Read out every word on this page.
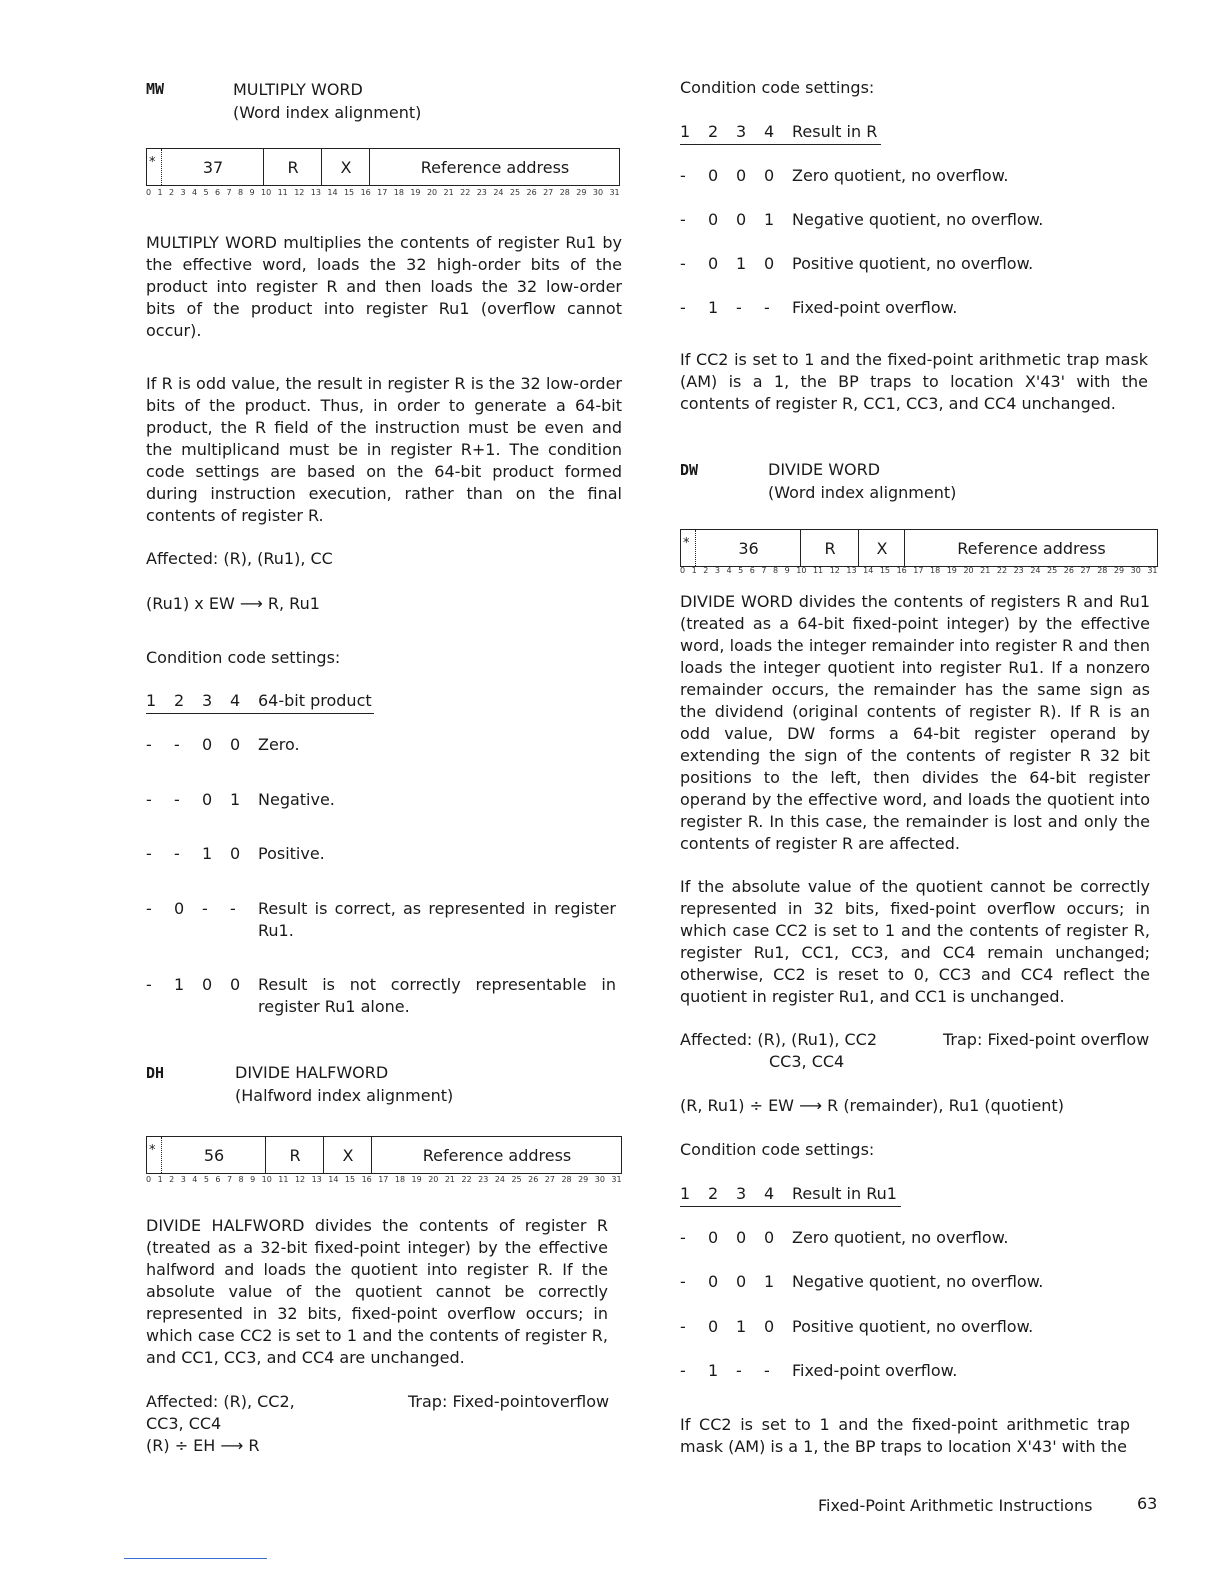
MW	MULTIPLY WORD
(Word index alignment)
*	37	R	X	Reference address
0 1 2 3 4 5 6 7 8 9 10 11 12 13 14 15 16 17 18 19 20 21 22 23 24 25 26 27 28 29 30 31
MULTIPLY WORD multiplies the contents of register Ru1 by the effective word, loads the 32 high-order bits of the product into register R and then loads the 32 low-order bits of the product into register Ru1 (overflow cannot occur).
If R is odd value, the result in register R is the 32 low-order bits of the product. Thus, in order to generate a 64-bit product, the R field of the instruction must be even and the multiplicand must be in register R+1. The condition code settings are based on the 64-bit product formed during instruction execution, rather than on the final contents of register R.
Affected: (R), (Ru1), CC
(Ru1) x EW ⟶ R, Ru1
Condition code settings:
1	2	3	4	64-bit product
-	-	0	0	Zero.
-	-	0	1	Negative.
-	-	1	0	Positive.
-	0	-	-	Result is correct, as represented in register Ru1.
-	1	0	0	Result is not correctly representable in register Ru1 alone.
DH	DIVIDE HALFWORD
(Halfword index alignment)
*	56	R	X	Reference address
0 1 2 3 4 5 6 7 8 9 10 11 12 13 14 15 16 17 18 19 20 21 22 23 24 25 26 27 28 29 30 31
DIVIDE HALFWORD divides the contents of register R (treated as a 32-bit fixed-point integer) by the effective halfword and loads the quotient into register R. If the absolute value of the quotient cannot be correctly represented in 32 bits, fixed-point overflow occurs; in which case CC2 is set to 1 and the contents of register R, and CC1, CC3, and CC4 are unchanged.
Affected: (R), CC2, CC3, CC4
Trap: Fixed-pointoverflow
(R) ÷ EH ⟶ R
Condition code settings:
1	2	3	4	Result in R
-	0	0	0	Zero quotient, no overflow.
-	0	0	1	Negative quotient, no overflow.
-	0	1	0	Positive quotient, no overflow.
-	1	-	-	Fixed-point overflow.
If CC2 is set to 1 and the fixed-point arithmetic trap mask (AM) is a 1, the BP traps to location X'43' with the contents of register R, CC1, CC3, and CC4 unchanged.
DW	DIVIDE WORD
(Word index alignment)
*	36	R	X	Reference address
0 1 2 3 4 5 6 7 8 9 10 11 12 13 14 15 16 17 18 19 20 21 22 23 24 25 26 27 28 29 30 31
DIVIDE WORD divides the contents of registers R and Ru1 (treated as a 64-bit fixed-point integer) by the effective word, loads the integer remainder into register R and then loads the integer quotient into register Ru1. If a nonzero remainder occurs, the remainder has the same sign as the dividend (original contents of register R). If R is an odd value, DW forms a 64-bit register operand by extending the sign of the contents of register R 32 bit positions to the left, then divides the 64-bit register operand by the effective word, and loads the quotient into register R. In this case, the remainder is lost and only the contents of register R are affected.
If the absolute value of the quotient cannot be correctly represented in 32 bits, fixed-point overflow occurs; in which case CC2 is set to 1 and the contents of register R, register Ru1, CC1, CC3, and CC4 remain unchanged; otherwise, CC2 is reset to 0, CC3 and CC4 reflect the quotient in register Ru1, and CC1 is unchanged.
Affected: (R), (Ru1), CC2
CC3, CC4
Trap: Fixed-point overflow
(R, Ru1) ÷ EW ⟶ R (remainder), Ru1 (quotient)
Condition code settings:
1	2	3	4	Result in Ru1
-	0	0	0	Zero quotient, no overflow.
-	0	0	1	Negative quotient, no overflow.
-	0	1	0	Positive quotient, no overflow.
-	1	-	-	Fixed-point overflow.
If CC2 is set to 1 and the fixed-point arithmetic trap mask (AM) is a 1, the BP traps to location X'43' with the
Fixed-Point Arithmetic Instructions	63
